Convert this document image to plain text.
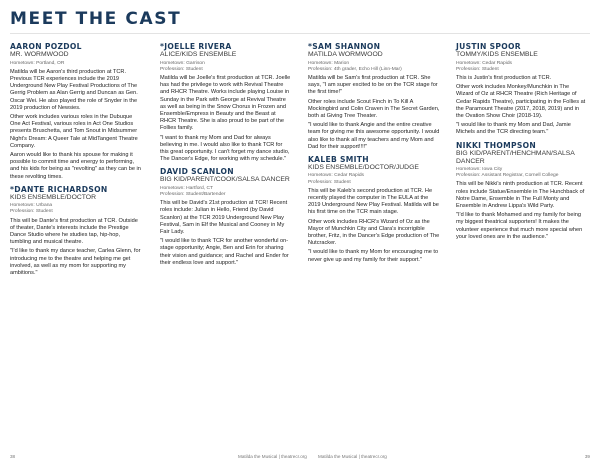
MEET THE CAST
AARON POZDOL
MR. WORMWOOD
Hometown: Portland, OR

Matilda will be Aaron's third production at TCR. Previous TCR experiences include the 2019 Underground New Play Festival Productions of The Gerrig Problem as Alan Gerrig and Duncan as Gen. Oscar Wei. He also played the role of Snyder in the 2019 production of Newsies.

Other work includes various roles in the Dubuque One Act Festival, various roles in Act One Studios presents Bruschetta, and Tom Snout in Midsummer Night's Dream: A Queer Tale at MidTangent Theatre Company.

Aaron would like to thank his spouse for making it possible to commit time and energy to performing, and his kids for being as "revolting" as they can be in these revolting times.

*DANTE RICHARDSON
KIDS ENSEMBLE/DOCTOR
Hometown: Urbana
Profession: Student

This will be Dante's first production at TCR. Outside of theater, Dante's interests include the Prestige Dance Studio where he studies tap, hip-hop, tumbling and musical theatre.

"I'd like to thank my dance teacher, Carlea Glenn, for introducing me to the theatre and helping me get involved, as well as my mom for supporting my ambitions."

*JOELLE RIVERA
ALICE/KIDS ENSEMBLE
Hometown: Garrison
Profession: Student

Matilda will be Joelle's first production at TCR. Joelle has had the privilege to work with Revival Theatre and RHCR Theatre. Works include playing Louise in Sunday in the Park with George at Revival Theatre as well as being in the Snow Chorus in Frozen and Ensemble/Empress in Beauty and the Beast at RHCR Theatre. She is also proud to be part of the Follies family.

"I want to thank my Mom and Dad for always believing in me. I would also like to thank TCR for this great opportunity. I can't forget my dance studio, The Dancer's Edge, for working with my schedule."

DAVID SCANLON
BIG KID/PARENT/COOK/SALSA DANCER
Hometown: Hartford, CT
Profession: Student/Bartender

This will be David's 21st production at TCR! Recent roles include: Julian in Hello, Friend (by David Scanlon) at the TCR 2019 Underground New Play Festival, Sam in Elf the Musical and Cooney in My Fair Lady.

"I would like to thank TCR for another wonderful on-stage opportunity; Angie, Ben and Erin for sharing their vision and guidance; and Rachel and Ender for their endless love and support."

*SAM SHANNON
MATILDA WORMWOOD
Hometown: Marion
Profession: 4th grader, Echo Hill (Linn-Mar)

Matilda will be Sam's first production at TCR. She says, "I am super excited to be on the TCR stage for the first time!"

Other roles include Scout Finch in To Kill A Mockingbird and Colin Craven in The Secret Garden, both at Giving Tree Theater.

"I would like to thank Angie and the entire creative team for giving me this awesome opportunity. I would also like to thank all my teachers and my Mom and Dad for their support!!!!"

KALEB SMITH
KIDS ENSEMBLE/DOCTOR/JUDGE
Hometown: Cedar Rapids
Profession: Student

This will be Kaleb's second production at TCR. He recently played the computer in The EULA at the 2019 Underground New Play Festival. Matilda will be his first time on the TCR main stage.

Other work includes RHCR's Wizard of Oz as the Mayor of Munchkin City and Clara's incorrigible brother, Fritz, in the Dancer's Edge production of The Nutcracker.

"I would like to thank my Mom for encouraging me to never give up and my family for their support."

JUSTIN SPOOR
TOMMY/KIDS ENSEMBLE
Hometown: Cedar Rapids
Profession: Student

This is Justin's first production at TCR.

Other work includes Monkey/Munchkin in The Wizard of Oz at RHCR Theatre (Rich Heritage of Cedar Rapids Theatre), participating in the Follies at the Paramount Theatre (2017, 2018, 2019) and in the Ovation Show Choir (2018-19).

"I would like to thank my Mom and Dad, Jamie Michels and the TCR directing team."

NIKKI THOMPSON
BIG KID/PARENT/HENCHMAN/SALSA DANCER
Hometown: Iowa City
Profession: Assistant Registrar, Cornell College

This will be Nikki's ninth production at TCR. Recent roles include Statue/Ensemble in The Hunchback of Notre Dame, Ensemble in The Full Monty and Ensemble in Andrew Lippa's Wild Party.

"I'd like to thank Mohamed and my family for being my biggest theatrical supporters! It makes the volunteer experience that much more special when your loved ones are in the audience."

38	Matilda the Musical | theatrecr.org Matilda the Musical | theatrecr.org	39
